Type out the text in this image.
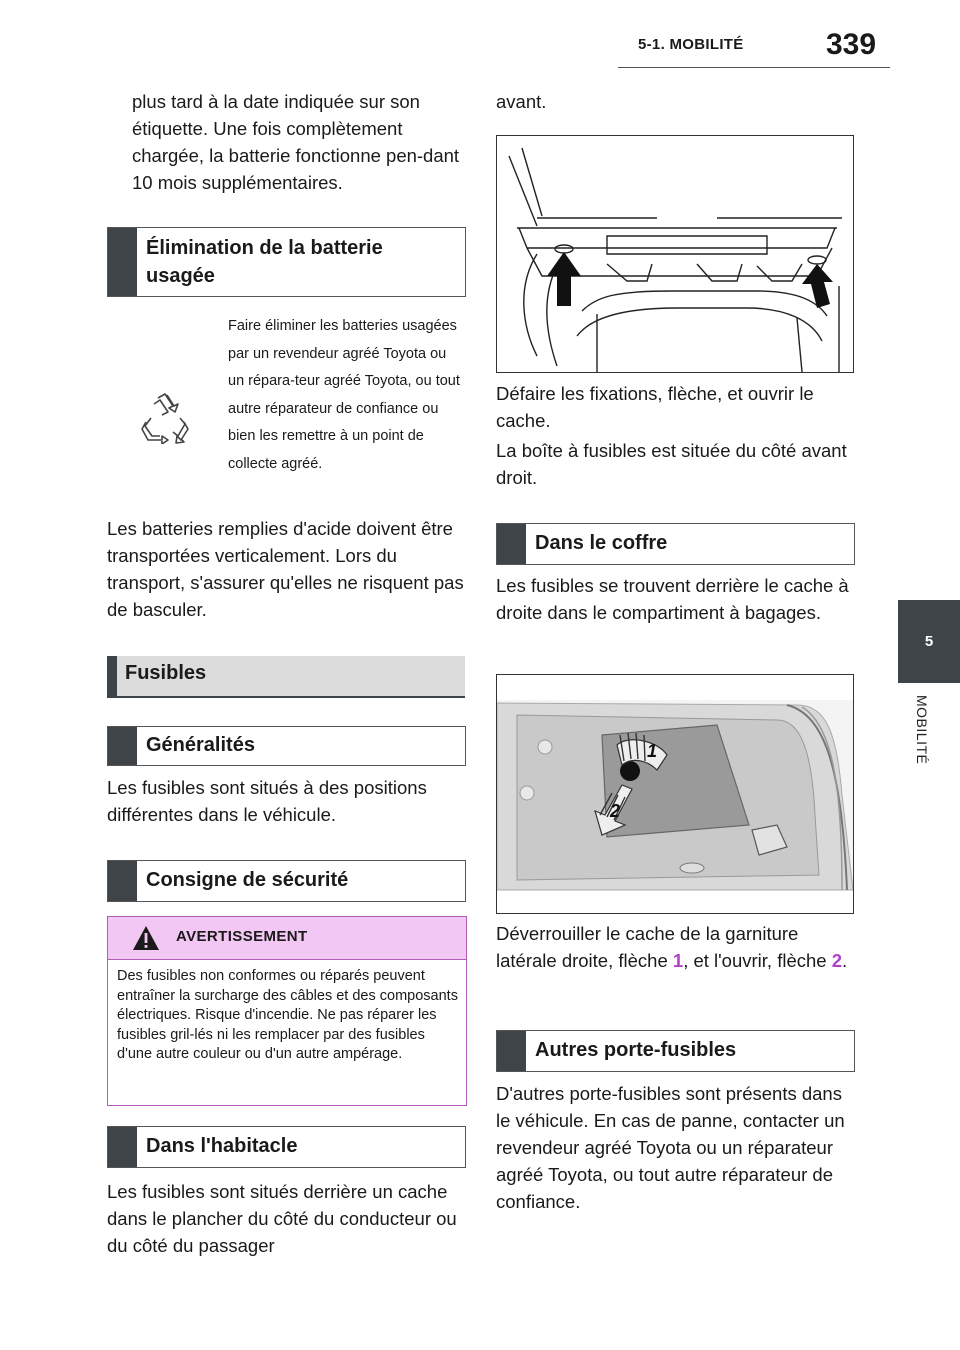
5-1. MOBILITÉ	339
5
MOBILITÉ

plus tard à la date indiquée sur son étiquette. Une fois complètement chargée, la batterie fonctionne pen-dant 10 mois supplémentaires.

Élimination de la batterie usagée
Faire éliminer les batteries usagées par un revendeur agréé Toyota ou un répara-teur agréé Toyota, ou tout autre réparateur de confiance ou bien les remettre à un point de collecte agréé.

Les batteries remplies d'acide doivent être transportées verticalement. Lors du transport, s'assurer qu'elles ne risquent pas de basculer.

Fusibles
Généralités

Les fusibles sont situés à des positions différentes dans le véhicule.

Consigne de sécurité
AVERTISSEMENT
Des fusibles non conformes ou réparés peuvent entraîner la surcharge des câbles et des composants électriques. Risque d'incendie. Ne pas réparer les fusibles gril-lés ni les remplacer par des fusibles d'une autre couleur ou d'un autre ampérage.
Dans l'habitacle

Les fusibles sont situés derrière un cache dans le plancher du côté du conducteur ou du côté du passager

avant.

Défaire les fixations, flèche, et ouvrir le cache.

La boîte à fusibles est située du côté avant droit.

Dans le coffre

Les fusibles se trouvent derrière le cache à droite dans le compartiment à bagages.

1
2

Déverrouiller le cache de la garniture latérale droite, flèche 1, et l'ouvrir, flèche 2.

Autres porte-fusibles

D'autres porte-fusibles sont présents dans le véhicule. En cas de panne, contacter un revendeur agréé Toyota ou un réparateur agréé Toyota, ou tout autre réparateur de confiance.
